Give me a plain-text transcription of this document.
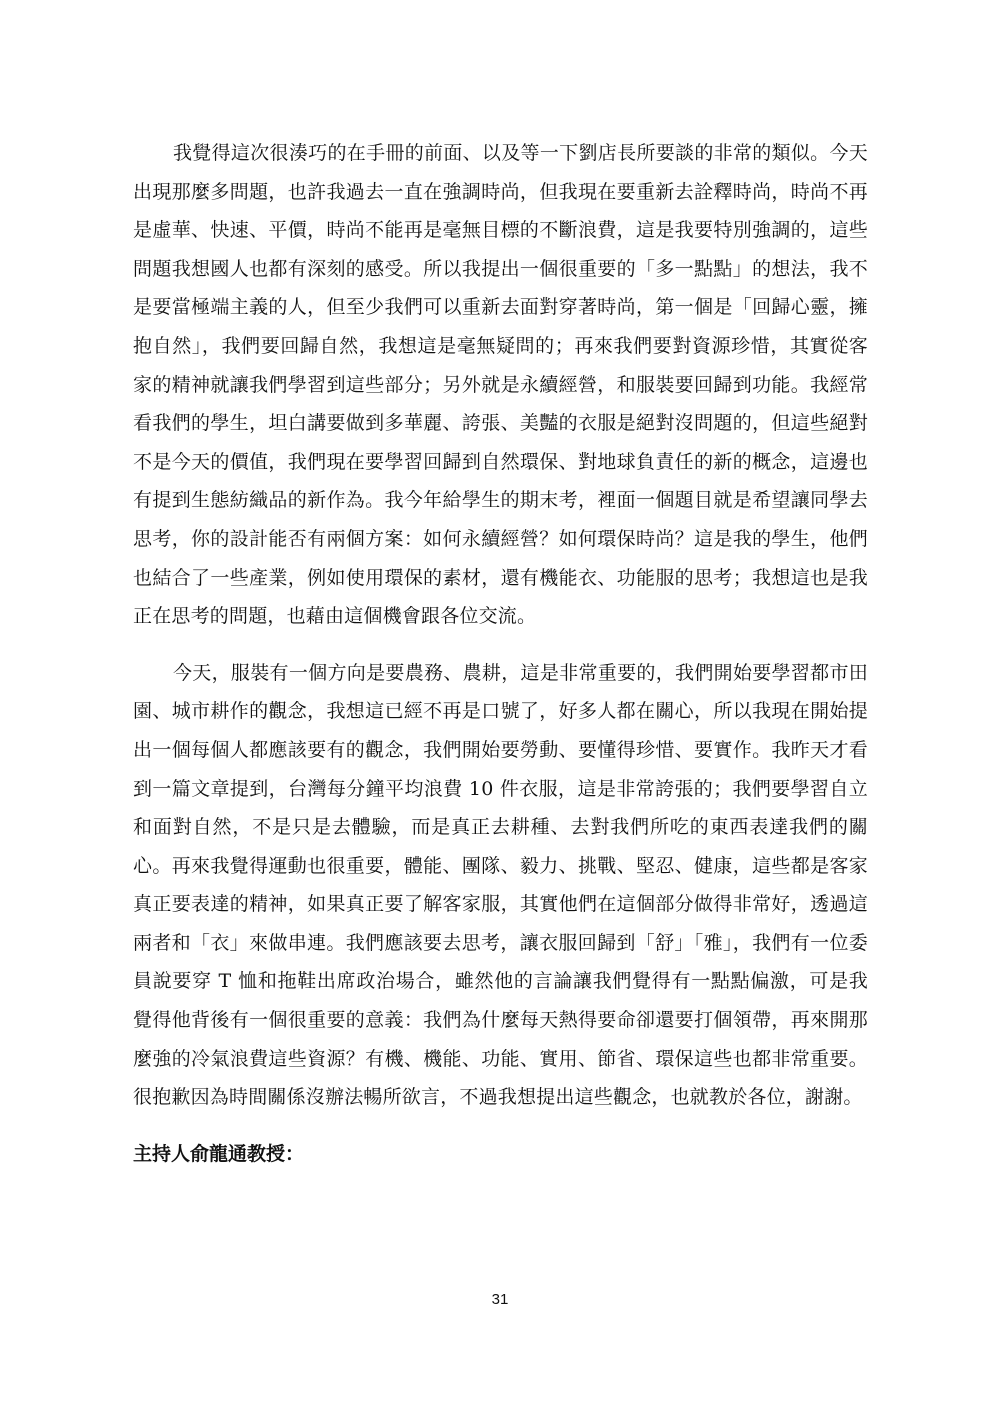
我覺得這次很湊巧的在手冊的前面、以及等一下劉店長所要談的非常的類似。今天出現那麼多問題，也許我過去一直在強調時尚，但我現在要重新去詮釋時尚，時尚不再是虛華、快速、平價，時尚不能再是毫無目標的不斷浪費，這是我要特別強調的，這些問題我想國人也都有深刻的感受。所以我提出一個很重要的「多一點點」的想法，我不是要當極端主義的人，但至少我們可以重新去面對穿著時尚，第一個是「回歸心靈，擁抱自然」，我們要回歸自然，我想這是毫無疑問的；再來我們要對資源珍惜，其實從客家的精神就讓我們學習到這些部分；另外就是永續經營，和服裝要回歸到功能。我經常看我們的學生，坦白講要做到多華麗、誇張、美豔的衣服是絕對沒問題的，但這些絕對不是今天的價值，我們現在要學習回歸到自然環保、對地球負責任的新的概念，這邊也有提到生態紡織品的新作為。我今年給學生的期末考，裡面一個題目就是希望讓同學去思考，你的設計能否有兩個方案：如何永續經營？如何環保時尚？這是我的學生，他們也結合了一些產業，例如使用環保的素材，還有機能衣、功能服的思考；我想這也是我正在思考的問題，也藉由這個機會跟各位交流。

今天，服裝有一個方向是要農務、農耕，這是非常重要的，我們開始要學習都市田園、城市耕作的觀念，我想這已經不再是口號了，好多人都在關心，所以我現在開始提出一個每個人都應該要有的觀念，我們開始要勞動、要懂得珍惜、要實作。我昨天才看到一篇文章提到，台灣每分鐘平均浪費 10 件衣服，這是非常誇張的；我們要學習自立和面對自然，不是只是去體驗，而是真正去耕種、去對我們所吃的東西表達我們的關心。再來我覺得運動也很重要，體能、團隊、毅力、挑戰、堅忍、健康，這些都是客家真正要表達的精神，如果真正要了解客家服，其實他們在這個部分做得非常好，透過這兩者和「衣」來做串連。我們應該要去思考，讓衣服回歸到「舒」「雅」，我們有一位委員說要穿 T 恤和拖鞋出席政治場合，雖然他的言論讓我們覺得有一點點偏激，可是我覺得他背後有一個很重要的意義：我們為什麼每天熱得要命卻還要打個領帶，再來開那麼強的冷氣浪費這些資源？有機、機能、功能、實用、節省、環保這些也都非常重要。很抱歉因為時間關係沒辦法暢所欲言，不過我想提出這些觀念，也就教於各位，謝謝。

主持人俞龍通教授：

31
